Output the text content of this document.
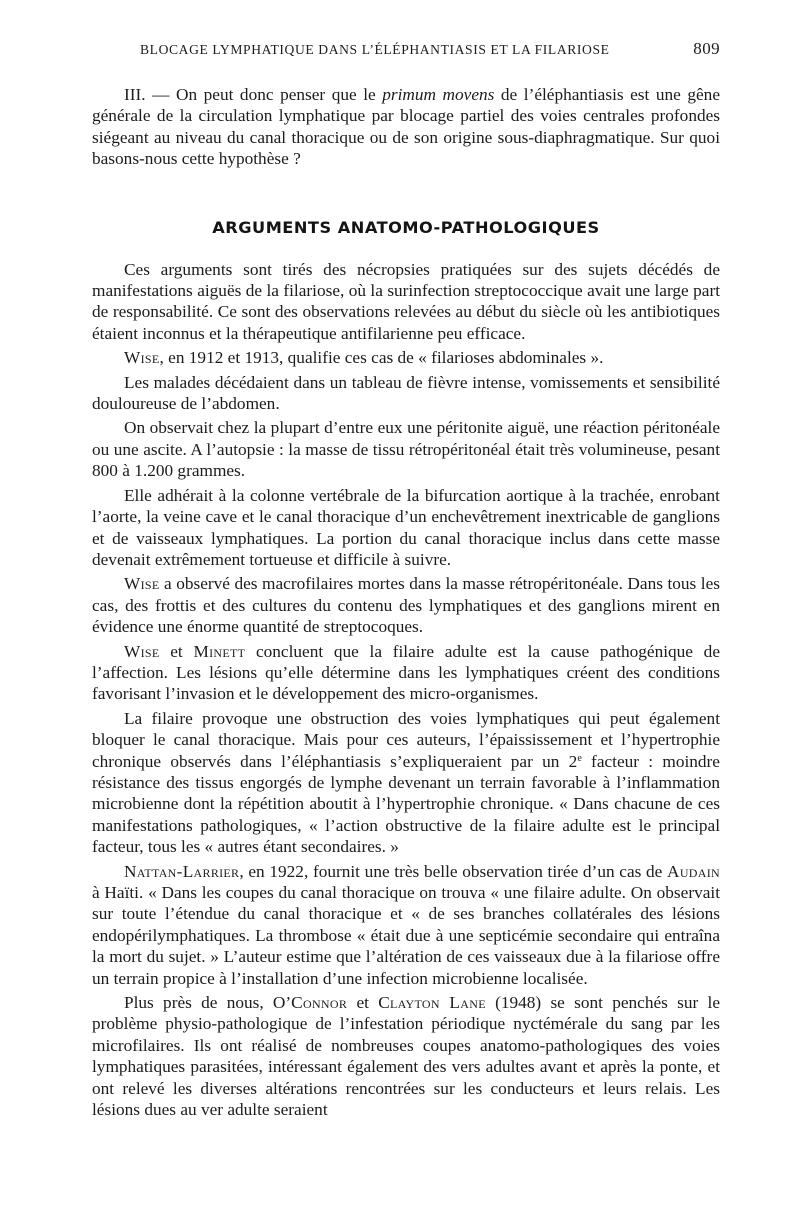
BLOCAGE LYMPHATIQUE DANS L’ÉLÉPHANTIASIS ET LA FILARIOSE	809

III. — On peut donc penser que le primum movens de l’éléphantiasis est une gêne générale de la circulation lymphatique par blocage partiel des voies centrales profondes siégeant au niveau du canal thoracique ou de son origine sous-diaphragmatique. Sur quoi basons-nous cette hypothèse ?

ARGUMENTS ANATOMO-PATHOLOGIQUES

Ces arguments sont tirés des nécropsies pratiquées sur des sujets décédés de manifestations aiguës de la filariose, où la surinfection streptococcique avait une large part de responsabilité. Ce sont des observations relevées au début du siècle où les antibiotiques étaient inconnus et la thérapeutique antifilarienne peu efficace.

Wise, en 1912 et 1913, qualifie ces cas de « filarioses abdominales ».

Les malades décédaient dans un tableau de fièvre intense, vomissements et sensibilité douloureuse de l’abdomen.

On observait chez la plupart d’entre eux une péritonite aiguë, une réaction péritonéale ou une ascite. A l’autopsie : la masse de tissu rétropéritonéal était très volumineuse, pesant 800 à 1.200 grammes.

Elle adhérait à la colonne vertébrale de la bifurcation aortique à la trachée, enrobant l’aorte, la veine cave et le canal thoracique d’un enchevêtrement inextricable de ganglions et de vaisseaux lymphatiques. La portion du canal thoracique inclus dans cette masse devenait extrêmement tortueuse et difficile à suivre.

Wise a observé des macrofilaires mortes dans la masse rétropéritonéale. Dans tous les cas, des frottis et des cultures du contenu des lymphatiques et des ganglions mirent en évidence une énorme quantité de streptocoques.

Wise et Minett concluent que la filaire adulte est la cause pathogénique de l’affection. Les lésions qu’elle détermine dans les lymphatiques créent des conditions favorisant l’invasion et le développement des micro-organismes.

La filaire provoque une obstruction des voies lymphatiques qui peut également bloquer le canal thoracique. Mais pour ces auteurs, l’épaississement et l’hypertrophie chronique observés dans l’éléphantiasis s’expliqueraient par un 2e facteur : moindre résistance des tissus engorgés de lymphe devenant un terrain favorable à l’inflammation microbienne dont la répétition aboutit à l’hypertrophie chronique. « Dans chacune de ces manifestations pathologiques, « l’action obstructive de la filaire adulte est le principal facteur, tous les « autres étant secondaires. »

Nattan-Larrier, en 1922, fournit une très belle observation tirée d’un cas de Audain à Haïti. « Dans les coupes du canal thoracique on trouva « une filaire adulte. On observait sur toute l’étendue du canal thoracique et « de ses branches collatérales des lésions endopérilymphatiques. La thrombose « était due à une septicémie secondaire qui entraîna la mort du sujet. » L’auteur estime que l’altération de ces vaisseaux due à la filariose offre un terrain propice à l’installation d’une infection microbienne localisée.

Plus près de nous, O’Connor et Clayton Lane (1948) se sont penchés sur le problème physio-pathologique de l’infestation périodique nyctémérale du sang par les microfilaires. Ils ont réalisé de nombreuses coupes anatomo-pathologiques des voies lymphatiques parasitées, intéressant également des vers adultes avant et après la ponte, et ont relevé les diverses altérations rencontrées sur les conducteurs et leurs relais. Les lésions dues au ver adulte seraient
